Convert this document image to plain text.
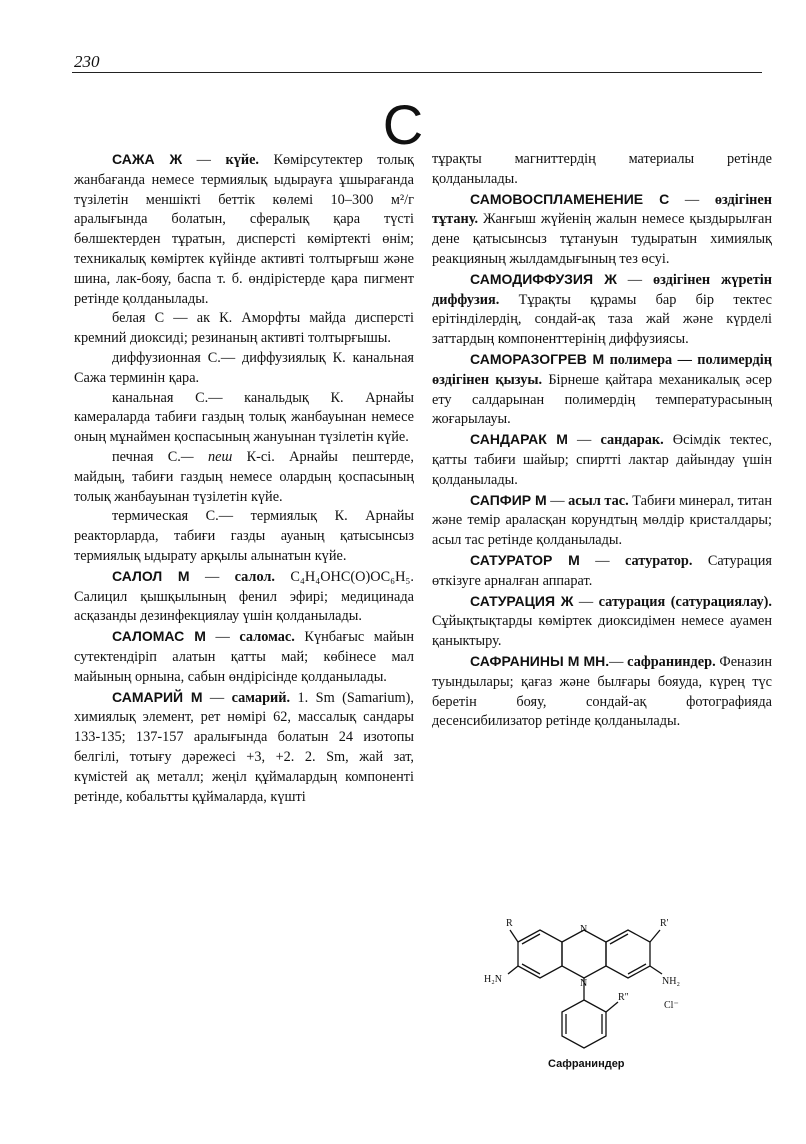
230
С

САЖА Ж — күйе. Көмірсутектер толық жанбағанда немесе термиялық ыдырауға ұшырағанда түзілетін меншікті беттік көлемі 10–300 м²/г аралығында болатын, сфералық қара түсті бөлшектерден тұратын, дисперсті көміртекті өнім; техникалық көміртек күйінде активті толтырғыш және шина, лак-бояу, баспа т. б. өндірістерде қара пигмент ретінде қолданылады.

белая С — ак К. Аморфты майда дисперсті кремний диоксиді; резинаның активті толтырғышы.

диффузионная С.— диффузиялық К. канальная Сажа терминін қара.

канальная С.— канальдық К. Арнайы камераларда табиғи газдың толық жанбауынан немесе оның мұнаймен қоспасының жануынан түзілетін күйе.

печная С.— пеш К-сі. Арнайы пештерде, майдың, табиғи газдың немесе олардың қоспасының толық жанбауынан түзілетін күйе.

термическая С.— термиялық К. Арнайы реакторларда, табиғи газды ауаның қатысынсыз термиялық ыдырату арқылы алынатын күйе.

САЛОЛ М — салол. C₄H₄OHC(O)OC₆H₅. Салицил қышқылының фенил эфирі; медицинада асқазанды дезинфекциялау үшін қолданылады.

САЛОМАС М — саломас. Күнбағыс майын сутектендіріп алатын қатты май; көбінесе мал майының орнына, сабын өндірісінде қолданылады.

САМАРИЙ М — самарий. 1. Sm (Samarium), химиялық элемент, рет нөмірі 62, массалық сандары 133-135; 137-157 аралығында болатын 24 изотопы белгілі, тотығу дәрежесі +3, +2. 2. Sm, жай зат, күмістей ақ металл; жеңіл құймалардың компоненті ретінде, кобальтты құймаларда, күшті

тұрақты магниттердің материалы ретінде қолданылады.

САМОВОСПЛАМЕНЕНИЕ С — өздігінен тұтану. Жанғыш жүйенің жалын немесе қыздырылған дене қатысынсыз тұтануын тудыратын химиялық реакцияның жылдамдығының тез өсуі.

САМОДИФФУЗИЯ Ж — өздігінен жүретін диффузия. Тұрақты құрамы бар бір тектес ерітінділердің, сондай-ақ таза жай және күрделі заттардың компоненттерінің диффузиясы.

САМОРАЗОГРЕВ М полимера — полимердің өздігінен қызуы. Бірнеше қайтара механикалық әсер ету салдарынан полимердің температурасының жоғарылауы.

САНДАРАК М — сандарак. Өсімдік тектес, қатты табиғи шайыр; спиртті лактар дайындау үшін қолданылады.

САПФИР М — асыл тас. Табиғи минерал, титан және темір араласқан корундтың мөлдір кристалдары; асыл тас ретінде қолданылады.

САТУРАТОР М — сатуратор. Сатурация өткізуге арналған аппарат.

САТУРАЦИЯ Ж — сатурация (сатурациялау). Сұйықтықтарды көміртек диоксидімен немесе ауамен қаныктыру.

САФРАНИНЫ М МН.— сафраниндер. Феназин туындылары; қағаз және былғары бояуда, күрең түс беретін бояу, сондай-ақ фотографияда десенсибилизатор ретінде қолданылады.

R	R'
N
N
H₂N	NH₂
R"
Cl⁻
Сафраниндер
